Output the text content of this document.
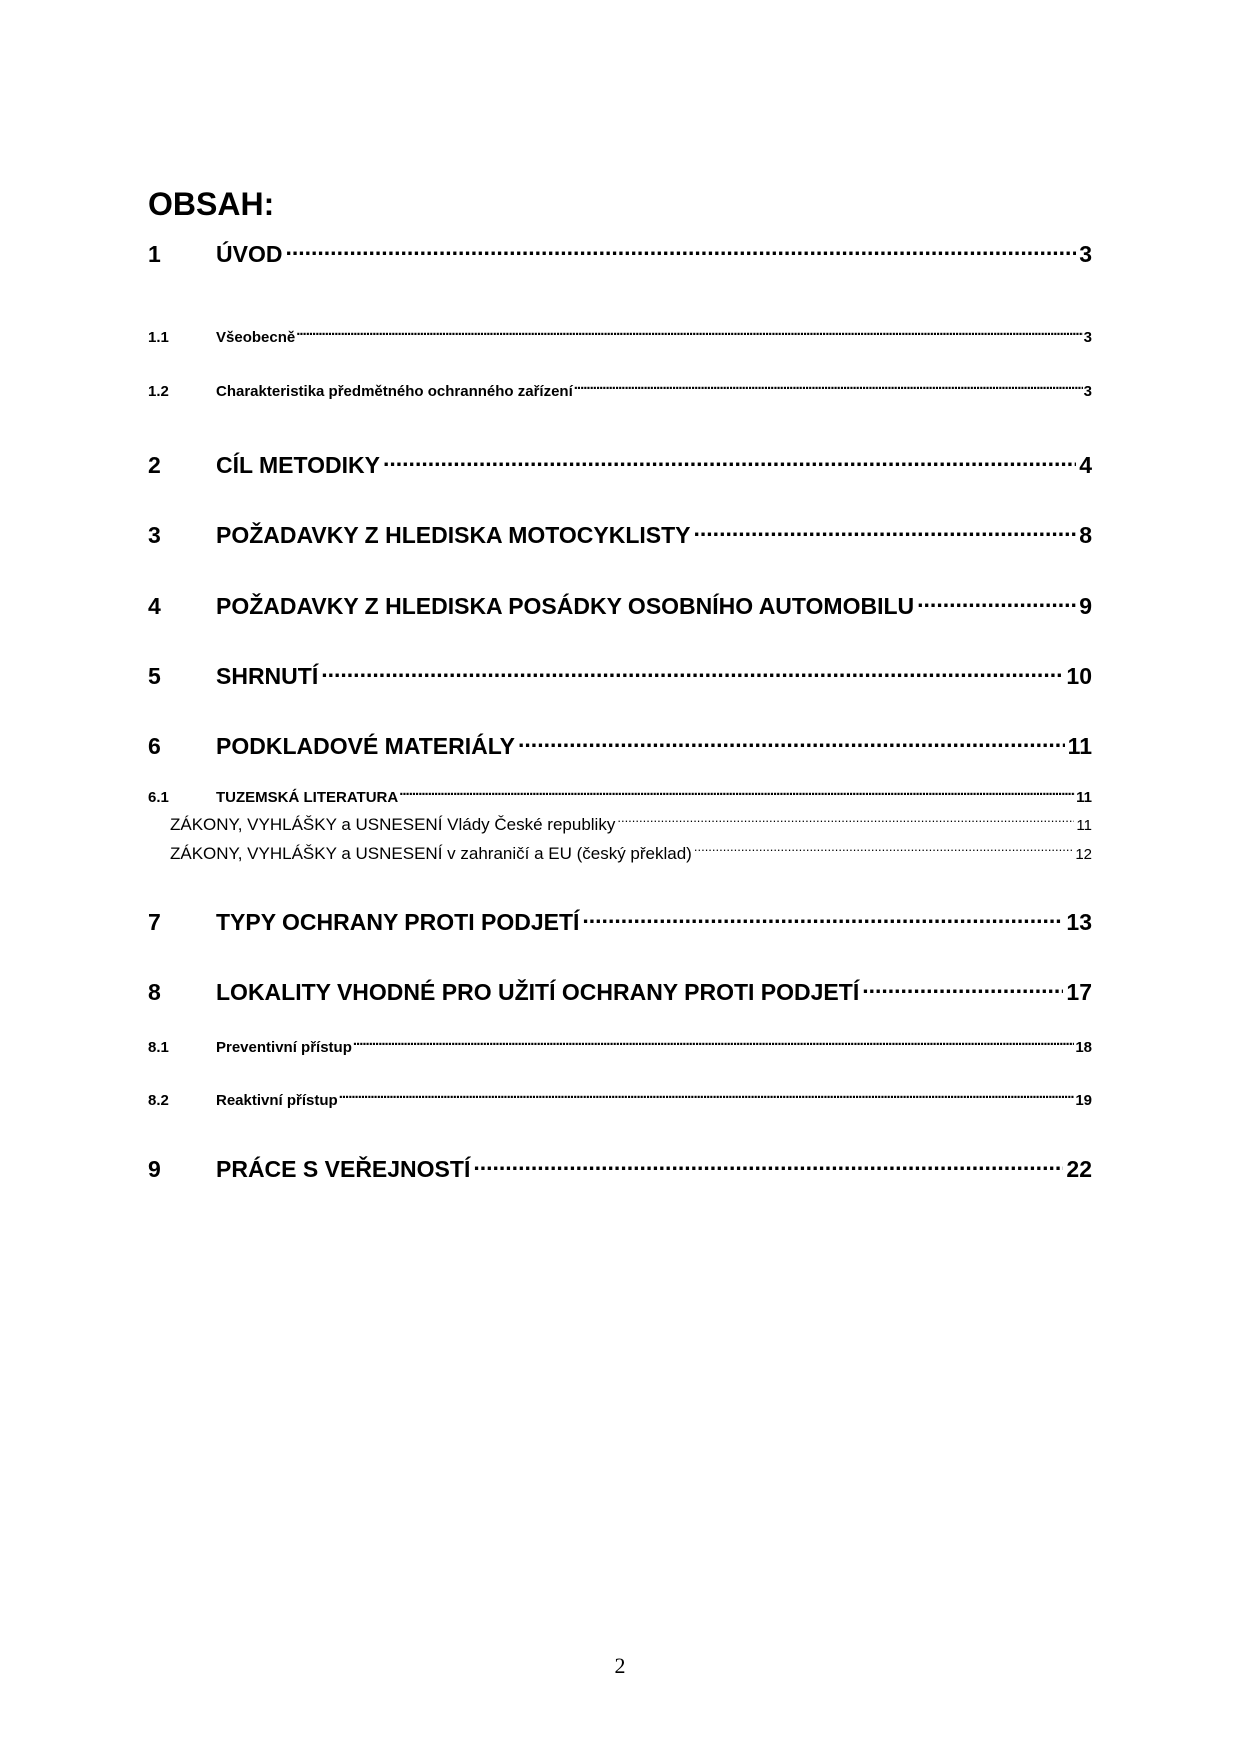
OBSAH:
1	ÚVOD .....	3
1.1	Všeobecně .....	3
1.2	Charakteristika předmětného ochranného zařízení .....	3
2	CÍL METODIKY .....	4
3	POŽADAVKY Z HLEDISKA MOTOCYKLISTY .....	8
4	POŽADAVKY Z HLEDISKA POSÁDKY OSOBNÍHO AUTOMOBILU .....	9
5	SHRNUTÍ .....	10
6	PODKLADOVÉ MATERIÁLY .....	11
6.1	TUZEMSKÁ LITERATURA .....	11
ZÁKONY, VYHLÁŠKY a USNESENÍ Vlády České republiky .....	11
ZÁKONY, VYHLÁŠKY a USNESENÍ v zahraničí a EU (český překlad) .....	12
7	TYPY OCHRANY PROTI PODJETÍ .....	13
8	LOKALITY VHODNÉ PRO UŽITÍ OCHRANY PROTI PODJETÍ .....	17
8.1	Preventivní přístup .....	18
8.2	Reaktivní přístup .....	19
9	PRÁCE S VEŘEJNOSTÍ .....	22
2
